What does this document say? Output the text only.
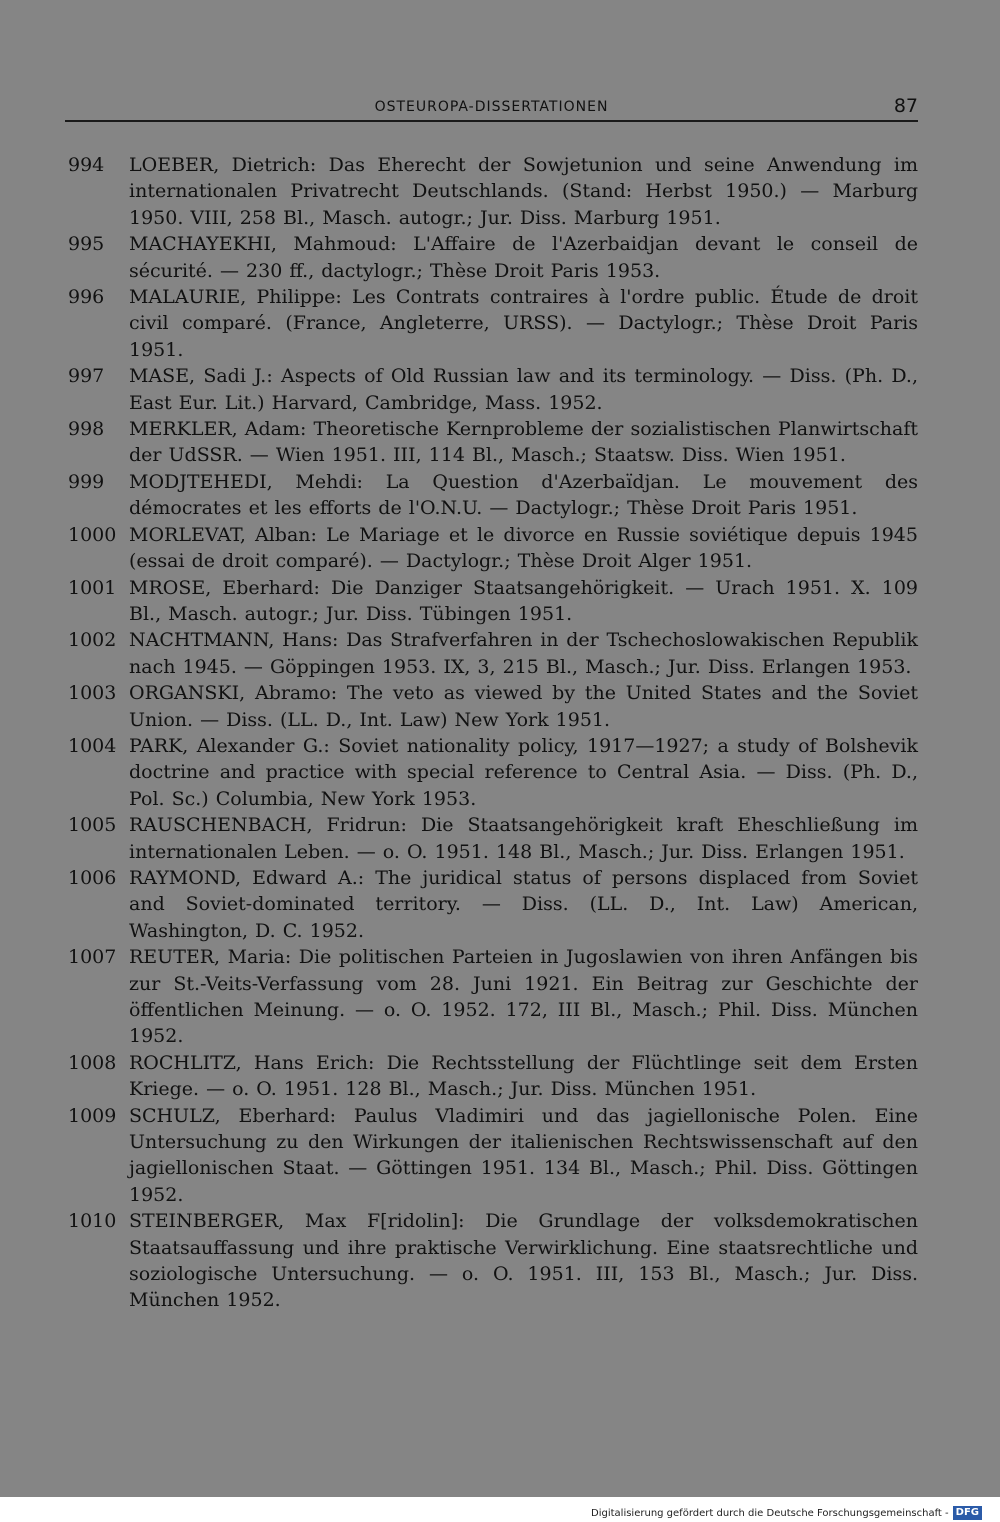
OSTEUROPA-DISSERTATIONEN	87
994	LOEBER, Dietrich: Das Eherecht der Sowjetunion und seine Anwendung im internationalen Privatrecht Deutschlands. (Stand: Herbst 1950.) — Marburg 1950. VIII, 258 Bl., Masch. autogr.; Jur. Diss. Marburg 1951.
995	MACHAYEKHI, Mahmoud: L'Affaire de l'Azerbaidjan devant le conseil de sécurité. — 230 ff., dactylogr.; Thèse Droit Paris 1953.
996	MALAURIE, Philippe: Les Contrats contraires à l'ordre public. Étude de droit civil comparé. (France, Angleterre, URSS). — Dactylogr.; Thèse Droit Paris 1951.
997	MASE, Sadi J.: Aspects of Old Russian law and its terminology. — Diss. (Ph. D., East Eur. Lit.) Harvard, Cambridge, Mass. 1952.
998	MERKLER, Adam: Theoretische Kernprobleme der sozialistischen Planwirtschaft der UdSSR. — Wien 1951. III, 114 Bl., Masch.; Staatsw. Diss. Wien 1951.
999	MODJTEHEDI, Mehdi: La Question d'Azerbaïdjan. Le mouvement des démocrates et les efforts de l'O.N.U. — Dactylogr.; Thèse Droit Paris 1951.
1000 MORLEVAT, Alban: Le Mariage et le divorce en Russie soviétique depuis 1945 (essai de droit comparé). — Dactylogr.; Thèse Droit Alger 1951.
1001 MROSE, Eberhard: Die Danziger Staatsangehörigkeit. — Urach 1951. X. 109 Bl., Masch. autogr.; Jur. Diss. Tübingen 1951.
1002 NACHTMANN, Hans: Das Strafverfahren in der Tschechoslowakischen Republik nach 1945. — Göppingen 1953. IX, 3, 215 Bl., Masch.; Jur. Diss. Erlangen 1953.
1003 ORGANSKI, Abramo: The veto as viewed by the United States and the Soviet Union. — Diss. (LL. D., Int. Law) New York 1951.
1004 PARK, Alexander G.: Soviet nationality policy, 1917—1927; a study of Bolshevik doctrine and practice with special reference to Central Asia. — Diss. (Ph. D., Pol. Sc.) Columbia, New York 1953.
1005 RAUSCHENBACH, Fridrun: Die Staatsangehörigkeit kraft Eheschließung im internationalen Leben. — o. O. 1951. 148 Bl., Masch.; Jur. Diss. Erlangen 1951.
1006 RAYMOND, Edward A.: The juridical status of persons displaced from Soviet and Soviet-dominated territory. — Diss. (LL. D., Int. Law) American, Washington, D. C. 1952.
1007 REUTER, Maria: Die politischen Parteien in Jugoslawien von ihren Anfängen bis zur St.-Veits-Verfassung vom 28. Juni 1921. Ein Beitrag zur Geschichte der öffentlichen Meinung. — o. O. 1952. 172, III Bl., Masch.; Phil. Diss. München 1952.
1008 ROCHLITZ, Hans Erich: Die Rechtsstellung der Flüchtlinge seit dem Ersten Kriege. — o. O. 1951. 128 Bl., Masch.; Jur. Diss. München 1951.
1009 SCHULZ, Eberhard: Paulus Vladimiri und das jagiellonische Polen. Eine Untersuchung zu den Wirkungen der italienischen Rechtswissenschaft auf den jagiellonischen Staat. — Göttingen 1951. 134 Bl., Masch.; Phil. Diss. Göttingen 1952.
1010 STEINBERGER, Max F[ridolin]: Die Grundlage der volksdemokratischen Staatsauffassung und ihre praktische Verwirklichung. Eine staatsrechtliche und soziologische Untersuchung. — o. O. 1951. III, 153 Bl., Masch.; Jur. Diss. München 1952.
Digitalisierung gefördert durch die Deutsche Forschungsgemeinschaft - DFG
